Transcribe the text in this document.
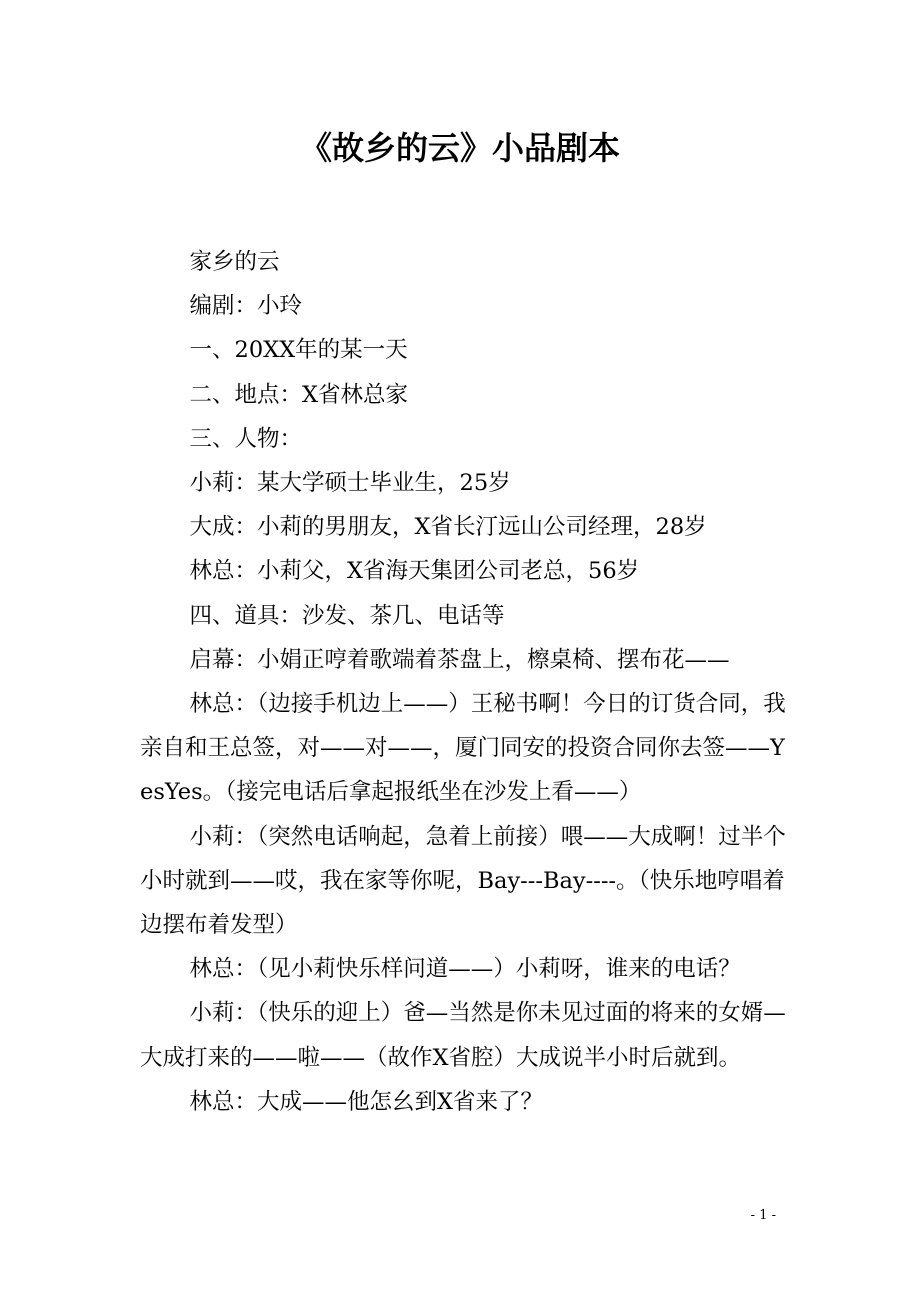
《故乡的云》小品剧本

家乡的云

编剧：小玲

一、20XX年的某一天

二、地点：X省林总家

三、人物：

小莉：某大学硕士毕业生，25岁

大成：小莉的男朋友，X省长汀远山公司经理，28岁

林总：小莉父，X省海天集团公司老总，56岁

四、道具：沙发、茶几、电话等

启幕：小娟正哼着歌端着茶盘上，檫桌椅、摆布花——

林总：（边接手机边上——）王秘书啊！今日的订货合同，我亲自和王总签，对——对——，厦门同安的投资合同你去签——YesYes。（接完电话后拿起报纸坐在沙发上看——）

小莉：（突然电话响起，急着上前接）喂——大成啊！过半个小时就到——哎，我在家等你呢，Bay---Bay----。（快乐地哼唱着边摆布着发型）

林总：（见小莉快乐样问道——）小莉呀，谁来的电话？

小莉：（快乐的迎上）爸—当然是你未见过面的将来的女婿—大成打来的——啦——（故作X省腔）大成说半小时后就到。

林总：大成——他怎幺到X省来了？

- 1 -
